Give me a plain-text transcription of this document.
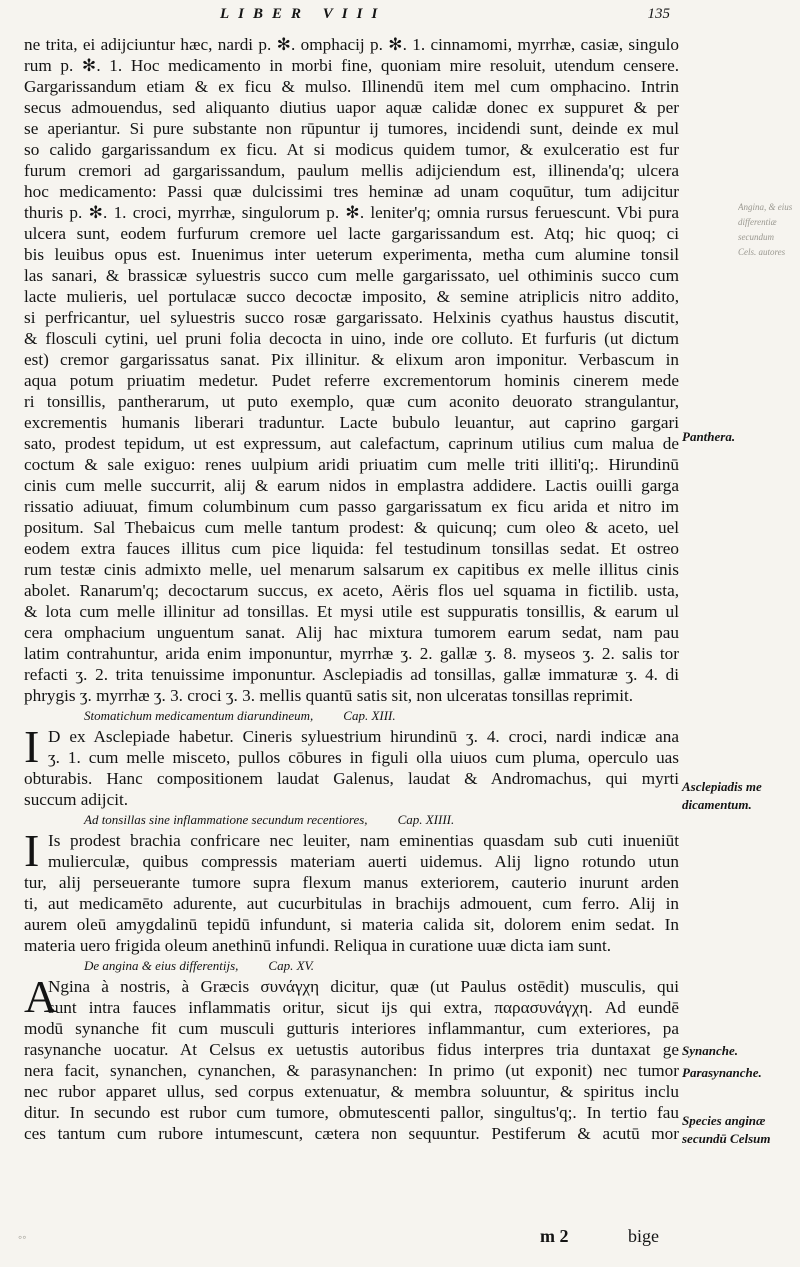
LIBER VIII	135
Angina, & eius differentiæ secundum Cels. autores
ne trita, ei adijciuntur hæc, nardi p. ✻. omphacij p. ✻. 1. cinnamomi, myrrhæ, casiæ, singulo
rum p. ✻. 1. Hoc medicamento in morbi fine, quoniam mire resoluit, utendum censere.
Gargarissandum etiam & ex ficu & mulso. Illinendū item mel cum omphacino. Intrin
secus admouendus, sed aliquanto diutius uapor aquæ calidæ donec ex suppuret & per
se aperiantur. Si pure substante non rūpuntur ij tumores, incidendi sunt, deinde ex mul
so calido gargarissandum ex ficu. At si modicus quidem tumor, & exulceratio est fur
furum cremori ad gargarissandum, paulum mellis adijciendum est, illinenda'q; ulcera
hoc medicamento: Passi quæ dulcissimi tres heminæ ad unam coquūtur, tum adijcitur
thuris p. ✻. 1. croci, myrrhæ, singulorum p. ✻. leniter'q; omnia rursus feruescunt. Vbi pura
ulcera sunt, eodem furfurum cremore uel lacte gargarissandum est. Atq; hic quoq; ci
bis leuibus opus est. Inuenimus inter ueterum experimenta, metha cum alumine tonsil
las sanari, & brassicæ syluestris succo cum melle gargarissato, uel othiminis succo cum
lacte mulieris, uel portulacæ succo decoctæ imposito, & semine atriplicis nitro addito,
si perfricantur, uel syluestris succo rosæ gargarissato. Helxinis cyathus haustus discutit,
& flosculi cytini, uel pruni folia decocta in uino, inde ore colluto. Et furfuris (ut dictum
est) cremor gargarissatus sanat. Pix illinitur. & elixum aron imponitur. Verbascum in
aqua potum priuatim medetur. Pudet referre excrementorum hominis cinerem mede
ri tonsillis, pantherarum, ut puto exemplo, quæ cum aconito deuorato strangulantur,
excrementis humanis liberari traduntur. Lacte bubulo leuantur, aut caprino gargari
sato, prodest tepidum, ut est expressum, aut calefactum, caprinum utilius cum malua de
coctum & sale exiguo: renes uulpium aridi priuatim cum melle triti illiti'q;. Hirundinū
cinis cum melle succurrit, alij & earum nidos in emplastra addidere. Lactis ouilli garga
rissatio adiuuat, fimum columbinum cum passo gargarissatum ex ficu arida et nitro im
positum. Sal Thebaicus cum melle tantum prodest: & quicunq; cum oleo & aceto, uel
eodem extra fauces illitus cum pice liquida: fel testudinum tonsillas sedat. Et ostreo
rum testæ cinis admixto melle, uel menarum salsarum ex capitibus ex melle illitus cinis
abolet. Ranarum'q; decoctarum succus, ex aceto, Aëris flos uel squama in fictilib. usta,
& lota cum melle illinitur ad tonsillas. Et mysi utile est suppuratis tonsillis, & earum ul
cera omphacium unguentum sanat. Alij hac mixtura tumorem earum sedat, nam pau
latim contrahuntur, arida enim imponuntur, myrrhæ ʒ. 2. gallæ ʒ. 8. myseos ʒ. 2. salis tor
refacti ʒ. 2. trita tenuissime imponuntur. Asclepiadis ad tonsillas, gallæ immaturæ ʒ. 4. di
phrygis ʒ. myrrhæ ʒ. 3. croci ʒ. 3. mellis quantū satis sit, non ulceratas tonsillas reprimit.
Stomatichum medicamentum diarundineum, Cap. XIII.
I D ex Asclepiade habetur. Cineris syluestrium hirundinū ʒ. 4. croci, nardi indicæ ana
ʒ. 1. cum melle misceto, pullos cōbures in figuli olla uiuos cum pluma, operculo uas
obturabis. Hanc compositionem laudat Galenus, laudat & Andromachus, qui myrti
succum adijcit.
Ad tonsillas sine inflammatione secundum recentiores, Cap. XIIII.
I Is prodest brachia confricare nec leuiter, nam eminentias quasdam sub cuti inueniūt
mulierculæ, quibus compressis materiam auerti uidemus. Alij ligno rotundo utun
tur, alij perseuerante tumore supra flexum manus exteriorem, cauterio inurunt arden
ti, aut medicamēto adurente, aut cucurbitulas in brachijs admouent, cum ferro. Alij in
aurem oleū amygdalinū tepidū infundunt, si materia calida sit, dolorem enim sedat. In
materia uero frigida oleum anethinū infundi. Reliqua in curatione uuæ dicta iam sunt.
De angina & eius differentijs, Cap. XV.
A
Ngina à nostris, à Græcis συνάγχη dicitur, quæ (ut Paulus ostēdit) musculis, qui
sunt intra fauces inflammatis oritur, sicut ijs qui extra, παρασυνάγχη. Ad eundē
modū synanche fit cum musculi gutturis interiores inflammantur, cum exteriores, pa
rasynanche uocatur. At Celsus ex uetustis autoribus fidus interpres tria duntaxat ge
nera facit, synanchen, cynanchen, & parasynanchen: In primo (ut exponit) nec tumor
nec rubor apparet ullus, sed corpus extenuatur, & membra soluuntur, & spiritus inclu
ditur. In secundo est rubor cum tumore, obmutescenti pallor, singultus'q;. In tertio fau
ces tantum cum rubore intumescunt, cætera non sequuntur. Pestiferum & acutū mor
Panthera.
Asclepiadis me
dicamentum.
Synanche.
Parasynanche.
Species anginæ
secundū Celsum
◦◦	m 2	bige
